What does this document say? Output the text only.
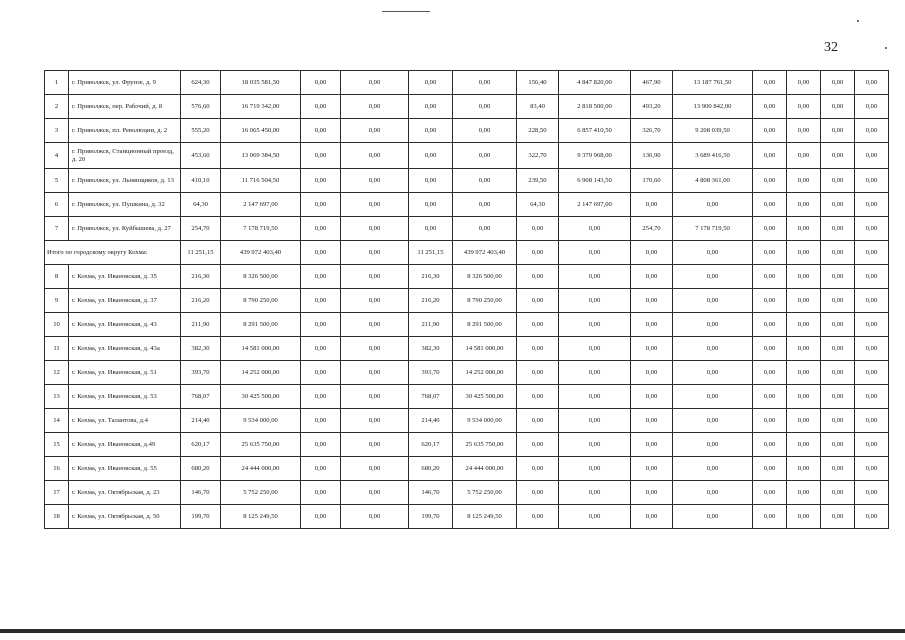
32
1	г. Приволжск, ул. Фрунзе, д. 9	624,30	18 035 581,50	0,00	0,00	0,00	0,00	156,40	4 847 820,00	467,90	13 187 761,50	0,00	0,00	0,00	0,00
2	г. Приволжск, пер. Рабочий, д. 8	576,60	16 719 342,00	0,00	0,00	0,00	0,00	83,40	2 818 500,00	493,20	13 900 842,00	0,00	0,00	0,00	0,00
3	г. Приволжск, пл. Революции, д. 2	555,20	16 065 450,00	0,00	0,00	0,00	0,00	228,50	6 857 410,50	326,70	9 208 039,50	0,00	0,00	0,00	0,00
4	г. Приволжск, Станционный проезд, д. 20	453,60	13 069 384,50	0,00	0,00	0,00	0,00	322,70	9 379 968,00	130,90	3 689 416,50	0,00	0,00	0,00	0,00
5	г. Приволжск, ул. Льнянщиков, д. 13	410,10	11 716 504,50	0,00	0,00	0,00	0,00	239,50	6 908 143,50	170,60	4 808 361,00	0,00	0,00	0,00	0,00
6	г. Приволжск, ул. Пушкина, д. 32	64,30	2 147 697,00	0,00	0,00	0,00	0,00	64,30	2 147 697,00	0,00	0,00	0,00	0,00	0,00	0,00
7	г. Приволжск, ул. Куйбышева, д. 27	254,70	7 178 719,50	0,00	0,00	0,00	0,00	0,00	0,00	254,70	7 178 719,50	0,00	0,00	0,00	0,00
Итого по городскому округу Кохма:		11 251,15	439 972 403,40	0,00	0,00	11 251,15	439 972 403,40	0,00	0,00	0,00	0,00	0,00	0,00	0,00	0,00
8	г. Кохма, ул. Ивановская, д. 35	216,30	8 326 500,00	0,00	0,00	216,30	8 326 500,00	0,00	0,00	0,00	0,00	0,00	0,00	0,00	0,00
9	г. Кохма, ул. Ивановская, д. 37	216,20	8 790 250,00	0,00	0,00	216,20	8 790 250,00	0,00	0,00	0,00	0,00	0,00	0,00	0,00	0,00
10	г. Кохма, ул. Ивановская, д. 43	211,90	8 291 500,00	0,00	0,00	211,90	8 291 500,00	0,00	0,00	0,00	0,00	0,00	0,00	0,00	0,00
11	г. Кохма, ул. Ивановская, д. 43а	382,30	14 581 000,00	0,00	0,00	382,30	14 581 000,00	0,00	0,00	0,00	0,00	0,00	0,00	0,00	0,00
12	г. Кохма, ул. Ивановская, д. 51	393,70	14 252 000,00	0,00	0,00	393,70	14 252 000,00	0,00	0,00	0,00	0,00	0,00	0,00	0,00	0,00
13	г. Кохма, ул. Ивановская, д. 53	768,07	30 425 500,00	0,00	0,00	768,07	30 425 500,00	0,00	0,00	0,00	0,00	0,00	0,00	0,00	0,00
14	г. Кохма, ул. Талантова, д.4	214,40	9 534 000,00	0,00	0,00	214,40	9 534 000,00	0,00	0,00	0,00	0,00	0,00	0,00	0,00	0,00
15	г. Кохма, ул. Ивановская, д.49	620,17	25 635 750,00	0,00	0,00	620,17	25 635 750,00	0,00	0,00	0,00	0,00	0,00	0,00	0,00	0,00
16	г. Кохма, ул. Ивановская, д. 55	680,20	24 444 000,00	0,00	0,00	680,20	24 444 000,00	0,00	0,00	0,00	0,00	0,00	0,00	0,00	0,00
17	г. Кохма, ул. Октябрьская, д. 23	146,70	5 752 250,00	0,00	0,00	146,70	5 752 250,00	0,00	0,00	0,00	0,00	0,00	0,00	0,00	0,00
18	г. Кохма, ул. Октябрьская, д. 50	199,70	8 125 249,50	0,00	0,00	199,70	8 125 249,50	0,00	0,00	0,00	0,00	0,00	0,00	0,00	0,00
